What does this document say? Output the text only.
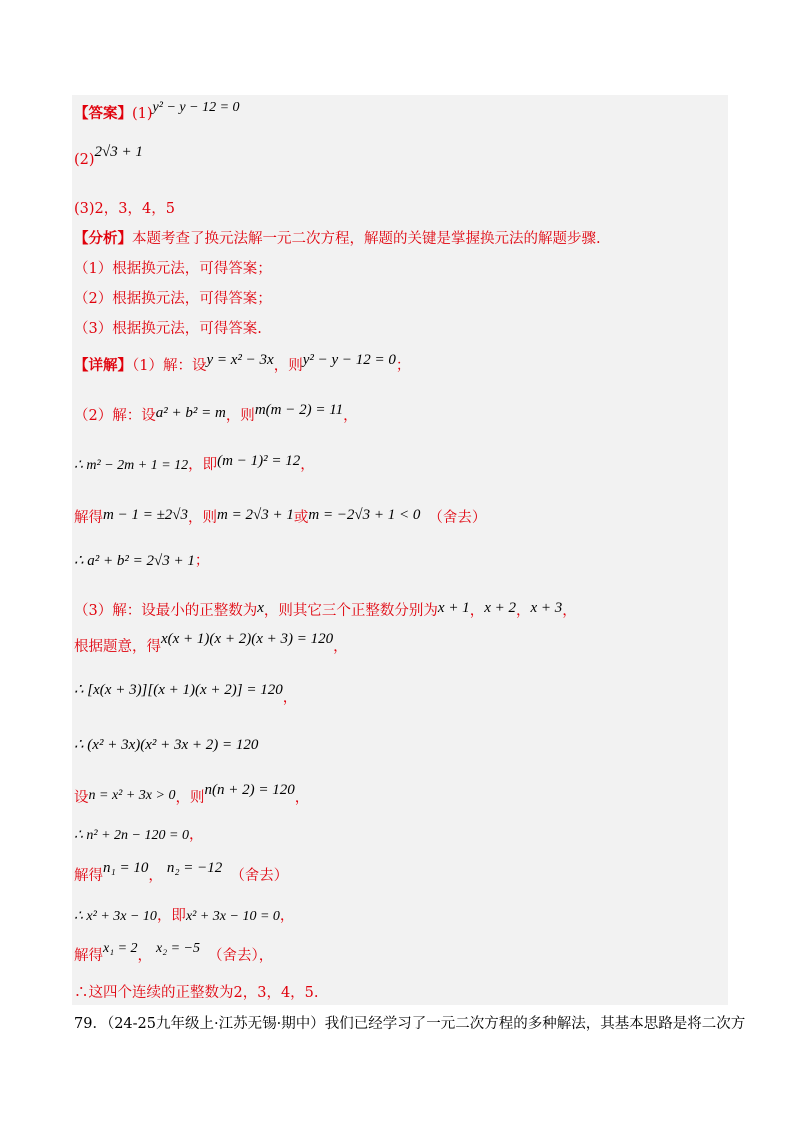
【答案】(1)y² − y − 12 = 0
(2)2√3 + 1
(3)2，3，4，5
【分析】本题考查了换元法解一元二次方程，解题的关键是掌握换元法的解题步骤.
（1）根据换元法，可得答案；
（2）根据换元法，可得答案；
（3）根据换元法，可得答案.
【详解】（1）解：设y = x² − 3x，则y² − y − 12 = 0；
（2）解：设a² + b² = m，则m(m − 2) = 11，
∴ m² − 2m + 1 = 12，即(m − 1)² = 12，
解得m − 1 = ±2√3，则m = 2√3 + 1或m = −2√3 + 1 < 0 （舍去）
∴ a² + b² = 2√3 + 1；
（3）解：设最小的正整数为x，则其它三个正整数分别为x + 1，x + 2，x + 3，
根据题意，得x(x + 1)(x + 2)(x + 3) = 120，
∴ [x(x + 3)][(x + 1)(x + 2)] = 120，
∴ (x² + 3x)(x² + 3x + 2) = 120
设n = x² + 3x > 0，则n(n + 2) = 120，
∴ n² + 2n − 120 = 0，
解得n₁ = 10， n₂ = −12 （舍去）
∴ x² + 3x − 10，即x² + 3x − 10 = 0，
解得x₁ = 2， x₂ = −5 （舍去），
∴这四个连续的正整数为2，3，4，5.
79．（24-25九年级上·江苏无锡·期中）我们已经学习了一元二次方程的多种解法，其基本思路是将二次方
